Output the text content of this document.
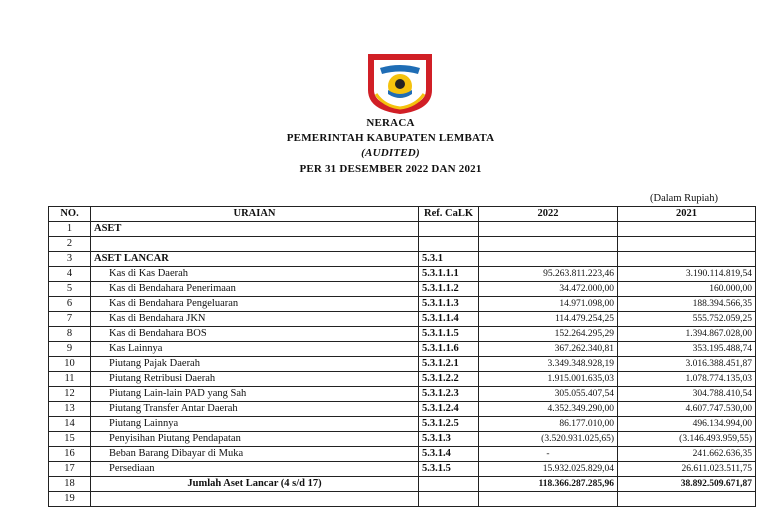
NERACA
PEMERINTAH KABUPATEN LEMBATA
(AUDITED)
PER 31 DESEMBER 2022 DAN 2021
(Dalam Rupiah)
NO.	URAIAN	Ref. CaLK	2022	2021
1	ASET			
2				
3	ASET LANCAR	5.3.1		
4	Kas di Kas Daerah	5.3.1.1.1	95.263.811.223,46	3.190.114.819,54
5	Kas di Bendahara Penerimaan	5.3.1.1.2	34.472.000,00	160.000,00
6	Kas di Bendahara Pengeluaran	5.3.1.1.3	14.971.098,00	188.394.566,35
7	Kas di Bendahara JKN	5.3.1.1.4	114.479.254,25	555.752.059,25
8	Kas di Bendahara BOS	5.3.1.1.5	152.264.295,29	1.394.867.028,00
9	Kas Lainnya	5.3.1.1.6	367.262.340,81	353.195.488,74
10	Piutang Pajak Daerah	5.3.1.2.1	3.349.348.928,19	3.016.388.451,87
11	Piutang Retribusi Daerah	5.3.1.2.2	1.915.001.635,03	1.078.774.135,03
12	Piutang Lain-lain PAD yang Sah	5.3.1.2.3	305.055.407,54	304.788.410,54
13	Piutang Transfer Antar Daerah	5.3.1.2.4	4.352.349.290,00	4.607.747.530,00
14	Piutang Lainnya	5.3.1.2.5	86.177.010,00	496.134.994,00
15	Penyisihan Piutang Pendapatan	5.3.1.3	(3.520.931.025,65)	(3.146.493.959,55)
16	Beban Barang Dibayar di Muka	5.3.1.4	-	241.662.636,35
17	Persediaan	5.3.1.5	15.932.025.829,04	26.611.023.511,75
18	Jumlah Aset Lancar (4 s/d 17)		118.366.287.285,96	38.892.509.671,87
19				
